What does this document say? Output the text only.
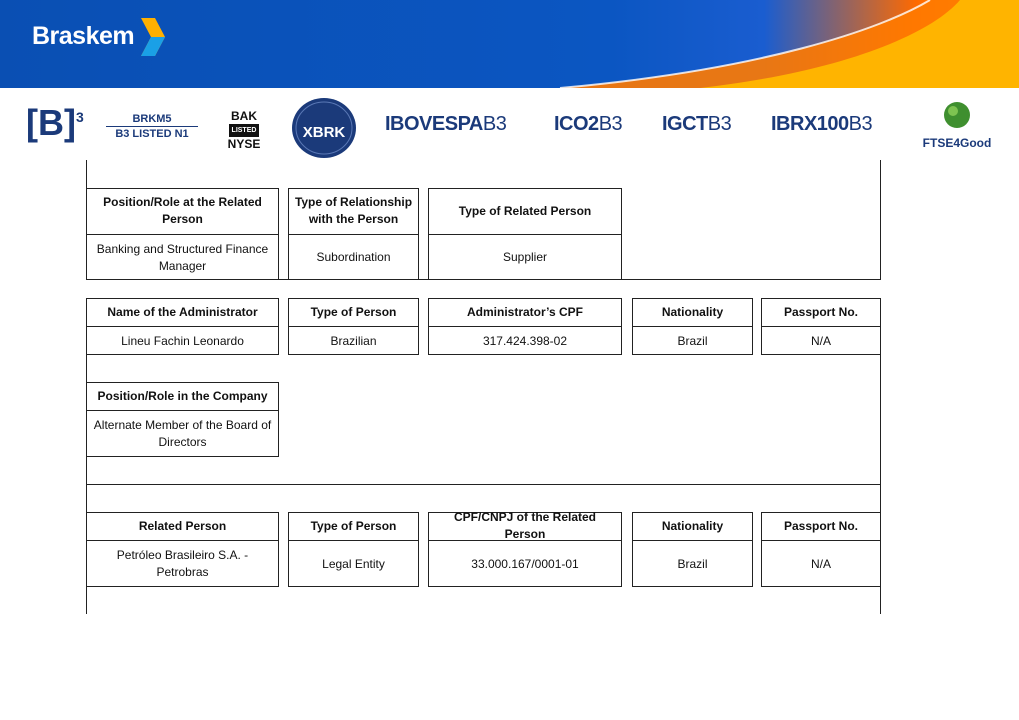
Braskem
$[B]^3$	BRKM5
B3 LISTED N1
BAK
LISTED
NYSE
XBRK IBOVESPAB3 ICO2B3 IGCTB3 IBRX100B3
FTSE4Good
Position/Role at the Related Person
Banking and Structured Finance Manager
Type of Relationship with the Person
Subordination
Type of Related Person
Supplier
Name of the Administrator
Lineu Fachin Leonardo
Type of Person
Brazilian
Administrator’s CPF
317.424.398-02
Nationality
Brazil
Passport No.
N/A
Position/Role in the Company
Alternate Member of the Board of Directors
Related Person
Petróleo Brasileiro S.A. - Petrobras
Type of Person
Legal Entity
CPF/CNPJ of the Related Person
33.000.167/0001-01
Nationality
Brazil
Passport No.
N/A
